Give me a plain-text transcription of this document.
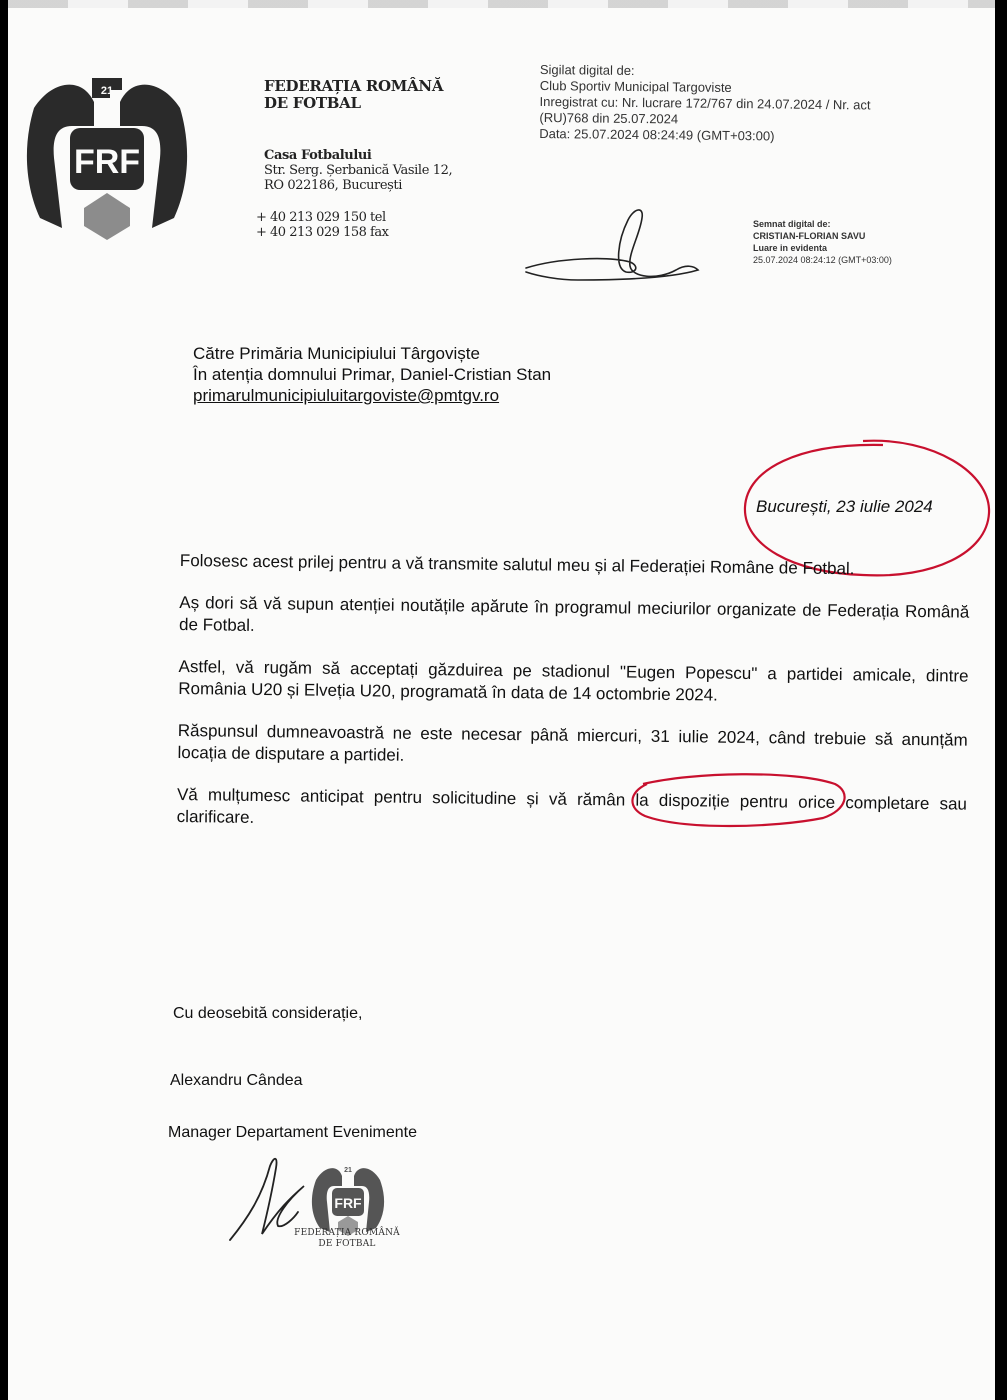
FRF
21	FEDERAȚIA ROMÂNĂ
DE FOTBAL
Casa Fotbalului
Str. Serg. Șerbanică Vasile 12,
RO 022186, București
+ 40 213 029 150 tel
+ 40 213 029 158 fax
Sigilat digital de:
Club Sportiv Municipal Targoviste
Inregistrat cu: Nr. lucrare 172/767 din 24.07.2024 / Nr. act
(RU)768 din 25.07.2024
Data: 25.07.2024 08:24:49 (GMT+03:00)
Semnat digital de:
CRISTIAN-FLORIAN SAVU
Luare in evidenta
25.07.2024 08:24:12 (GMT+03:00)
Către Primăria Municipiului Târgoviște
În atenția domnului Primar, Daniel-Cristian Stan
primarulmunicipiuluitargoviste@pmtgv.ro
București, 23 iulie 2024

Folosesc acest prilej pentru a vă transmite salutul meu și al Federației Române de Fotbal.

Aș dori să vă supun atenției noutățile apărute în programul meciurilor organizate de Federația Română de Fotbal.

Astfel, vă rugăm să acceptați găzduirea pe stadionul "Eugen Popescu" a partidei amicale, dintre România U20 și Elveția U20, programată în data de 14 octombrie 2024.

Răspunsul dumneavoastră ne este necesar până miercuri, 31 iulie 2024, când trebuie să anunțăm locația de disputare a partidei.

Vă mulțumesc anticipat pentru solicitudine și vă rămân la dispoziție pentru orice completare sau clarificare.

Cu deosebită considerație,
Alexandru Cândea
Manager Departament Evenimente
FRF
21
FEDERAȚIA ROMÂNĂ
DE FOTBAL
